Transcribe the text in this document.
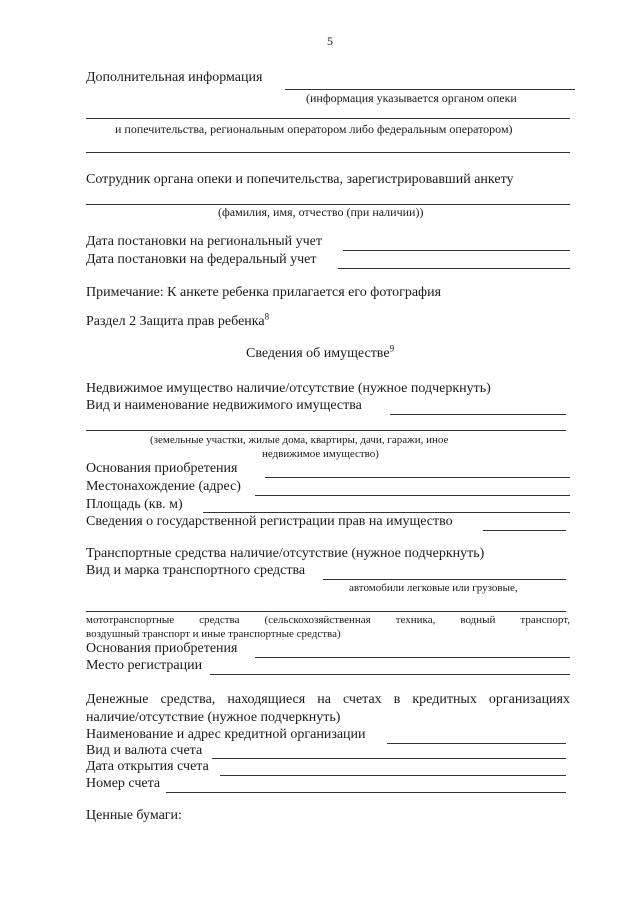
5
Дополнительная информация
(информация указывается органом опеки
и попечительства, региональным оператором либо федеральным оператором)
Сотрудник органа опеки и попечительства, зарегистрировавший анкету
(фамилия, имя, отчество (при наличии))
Дата постановки на региональный учет
Дата постановки на федеральный учет
Примечание: К анкете ребенка прилагается его фотография
Раздел 2 Защита прав ребенка$^8$
Сведения об имуществе$^9$
Недвижимое имущество наличие/отсутствие (нужное подчеркнуть)
Вид и наименование недвижимого имущества
(земельные участки, жилые дома, квартиры, дачи, гаражи, иное
недвижимое имущество)
Основания приобретения
Местонахождение (адрес)
Площадь (кв. м)
Сведения о государственной регистрации прав на имущество
Транспортные средства наличие/отсутствие (нужное подчеркнуть)
Вид и марка транспортного средства
автомобили легковые или грузовые,
мототранспортные средства (сельскохозяйственная техника, водный транспорт,
воздушный транспорт и иные транспортные средства)
Основания приобретения
Место регистрации
Денежные средства, находящиеся на счетах в кредитных организациях
наличие/отсутствие (нужное подчеркнуть)
Наименование и адрес кредитной организации
Вид и валюта счета
Дата открытия счета
Номер счета
Ценные бумаги:
